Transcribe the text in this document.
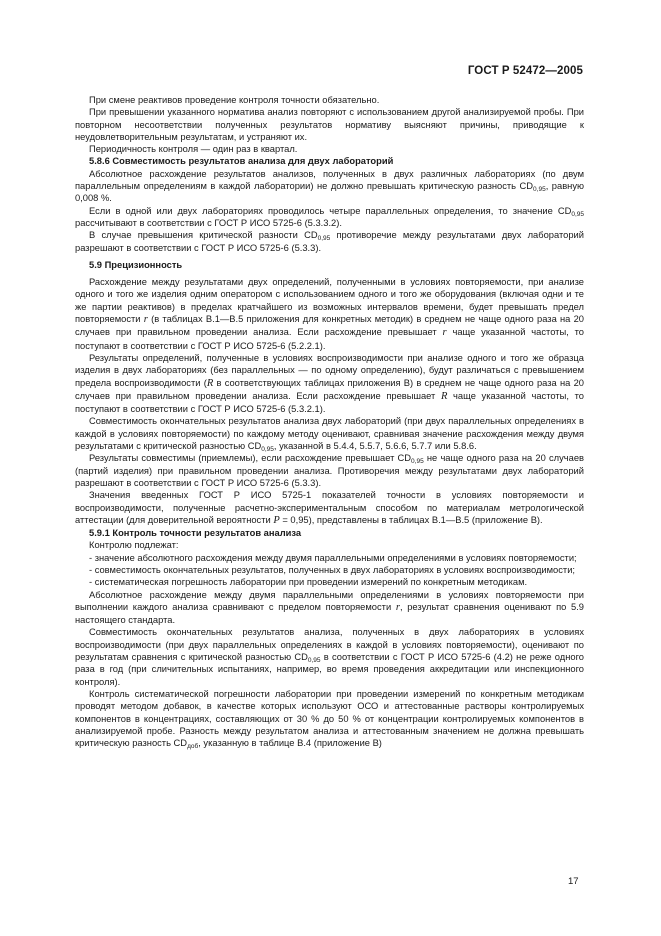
ГОСТ Р 52472—2005

При смене реактивов проведение контроля точности обязательно.

При превышении указанного норматива анализ повторяют с использованием другой анализируемой пробы. При повторном несоответствии полученных результатов нормативу выясняют причины, приводящие к неудовлетворительным результатам, и устраняют их.

Периодичность контроля — один раз в квартал.

5.8.6 Совместимость результатов анализа для двух лабораторий

Абсолютное расхождение результатов анализов, полученных в двух различных лабораториях (по двум параллельным определениям в каждой лаборатории) не должно превышать критическую разность $CD_{0,95}$, равную 0,008 %.

Если в одной или двух лабораториях проводилось четыре параллельных определения, то значение $CD_{0,95}$ рассчитывают в соответствии с ГОСТ Р ИСО 5725-6 (5.3.3.2).

В случае превышения критической разности $CD_{0,95}$ противоречие между результатами двух лабораторий разрешают в соответствии с ГОСТ Р ИСО 5725-6 (5.3.3).

5.9 Прецизионность

Расхождение между результатами двух определений, полученными в условиях повторяемости, при анализе одного и того же изделия одним оператором с использованием одного и того же оборудования (включая одни и те же партии реактивов) в пределах кратчайшего из возможных интервалов времени, будет превышать предел повторяемости r (в таблицах В.1—В.5 приложения для конкретных методик) в среднем не чаще одного раза на 20 случаев при правильном проведении анализа. Если расхождение превышает r чаще указанной частоты, то поступают в соответствии с ГОСТ Р ИСО 5725-6 (5.2.2.1).

Результаты определений, полученные в условиях воспроизводимости при анализе одного и того же образца изделия в двух лабораториях (без параллельных — по одному определению), будут различаться с превышением предела воспроизводимости (R в соответствующих таблицах приложения В) в среднем не чаще одного раза на 20 случаев при правильном проведении анализа. Если расхождение превышает R чаще указанной частоты, то поступают в соответствии с ГОСТ Р ИСО 5725-6 (5.3.2.1).

Совместимость окончательных результатов анализа двух лабораторий (при двух параллельных определениях в каждой в условиях повторяемости) по каждому методу оценивают, сравнивая значение расхождения между двумя результатами с критической разностью $CD_{0,95}$, указанной в 5.4.4, 5.5.7, 5.6.6, 5.7.7 или 5.8.6.

Результаты совместимы (приемлемы), если расхождение превышает $CD_{0,95}$ не чаще одного раза на 20 случаев (партий изделия) при правильном проведении анализа. Противоречия между результатами двух лабораторий разрешают в соответствии с ГОСТ Р ИСО 5725-6 (5.3.3).

Значения введенных ГОСТ Р ИСО 5725-1 показателей точности в условиях повторяемости и воспроизводимости, полученные расчетно-экспериментальным способом по материалам метрологической аттестации (для доверительной вероятности P = 0,95), представлены в таблицах В.1—В.5 (приложение В).

5.9.1 Контроль точности результатов анализа

Контролю подлежат:

- значение абсолютного расхождения между двумя параллельными определениями в условиях повторяемости;

- совместимость окончательных результатов, полученных в двух лабораториях в условиях воспроизводимости;

- систематическая погрешность лаборатории при проведении измерений по конкретным методикам.

Абсолютное расхождение между двумя параллельными определениями в условиях повторяемости при выполнении каждого анализа сравнивают с пределом повторяемости r, результат сравнения оценивают по 5.9 настоящего стандарта.

Совместимость окончательных результатов анализа, полученных в двух лабораториях в условиях воспроизводимости (при двух параллельных определениях в каждой в условиях повторяемости), оценивают по результатам сравнения с критической разностью $CD_{0,95}$ в соответствии с ГОСТ Р ИСО 5725-6 (4.2) не реже одного раза в год (при сличительных испытаниях, например, во время проведения аккредитации или инспекционного контроля).

Контроль систематической погрешности лаборатории при проведении измерений по конкретным методикам проводят методом добавок, в качестве которых используют ОСО и аттестованные растворы контролируемых компонентов в концентрациях, составляющих от 30 % до 50 % от концентрации контролируемых компонентов в анализируемой пробе. Разность между результатом анализа и аттестованным значением не должна превышать критическую разность $CD_{доб}$, указанную в таблице В.4 (приложение В)

17
